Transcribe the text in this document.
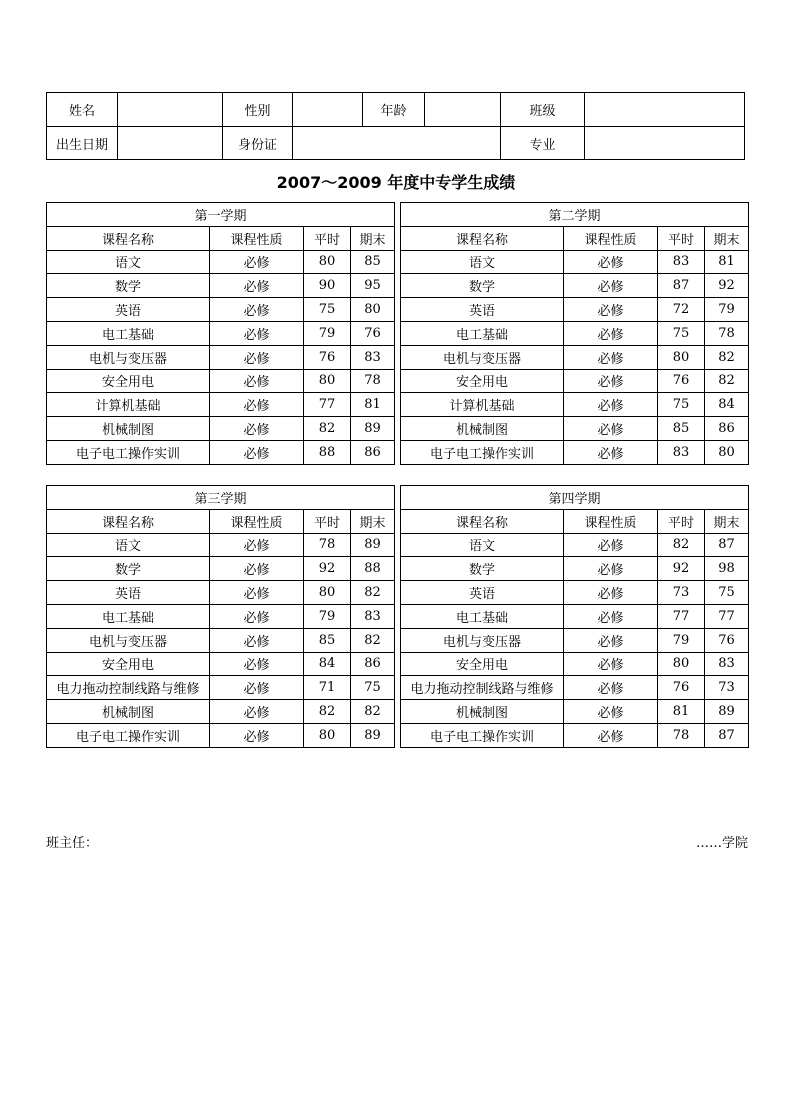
姓名		性别		年龄		班级	
出生日期		身份证				专业	
2007～2009 年度中专学生成绩
第一学期			
课程名称	课程性质	平时	期末
语文	必修	80	85
数学	必修	90	95
英语	必修	75	80
电工基础	必修	79	76
电机与变压器	必修	76	83
安全用电	必修	80	78
计算机基础	必修	77	81
机械制图	必修	82	89
电子电工操作实训	必修	88	86
第二学期			
课程名称	课程性质	平时	期末
语文	必修	83	81
数学	必修	87	92
英语	必修	72	79
电工基础	必修	75	78
电机与变压器	必修	80	82
安全用电	必修	76	82
计算机基础	必修	75	84
机械制图	必修	85	86
电子电工操作实训	必修	83	80
第三学期			
课程名称	课程性质	平时	期末
语文	必修	78	89
数学	必修	92	88
英语	必修	80	82
电工基础	必修	79	83
电机与变压器	必修	85	82
安全用电	必修	84	86
电力拖动控制线路与维修	必修	71	75
机械制图	必修	82	82
电子电工操作实训	必修	80	89
第四学期			
课程名称	课程性质	平时	期末
语文	必修	82	87
数学	必修	92	98
英语	必修	73	75
电工基础	必修	77	77
电机与变压器	必修	79	76
安全用电	必修	80	83
电力拖动控制线路与维修	必修	76	73
机械制图	必修	81	89
电子电工操作实训	必修	78	87
班主任：	……学院
